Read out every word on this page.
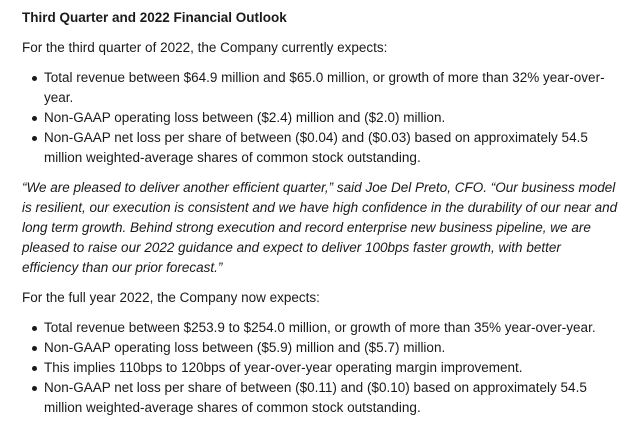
Third Quarter and 2022 Financial Outlook

For the third quarter of 2022, the Company currently expects:

Total revenue between $64.9 million and $65.0 million, or growth of more than 32% year-over-year.
Non-GAAP operating loss between ($2.4) million and ($2.0) million.
Non-GAAP net loss per share of between ($0.04) and ($0.03) based on approximately 54.5 million weighted-average shares of common stock outstanding.

“We are pleased to deliver another efficient quarter,” said Joe Del Preto, CFO. “Our business model is resilient, our execution is consistent and we have high confidence in the durability of our near and long term growth. Behind strong execution and record enterprise new business pipeline, we are pleased to raise our 2022 guidance and expect to deliver 100bps faster growth, with better efficiency than our prior forecast.”

For the full year 2022, the Company now expects:

Total revenue between $253.9 to $254.0 million, or growth of more than 35% year-over-year.
Non-GAAP operating loss between ($5.9) million and ($5.7) million.
This implies 110bps to 120bps of year-over-year operating margin improvement.
Non-GAAP net loss per share of between ($0.11) and ($0.10) based on approximately 54.5 million weighted-average shares of common stock outstanding.
